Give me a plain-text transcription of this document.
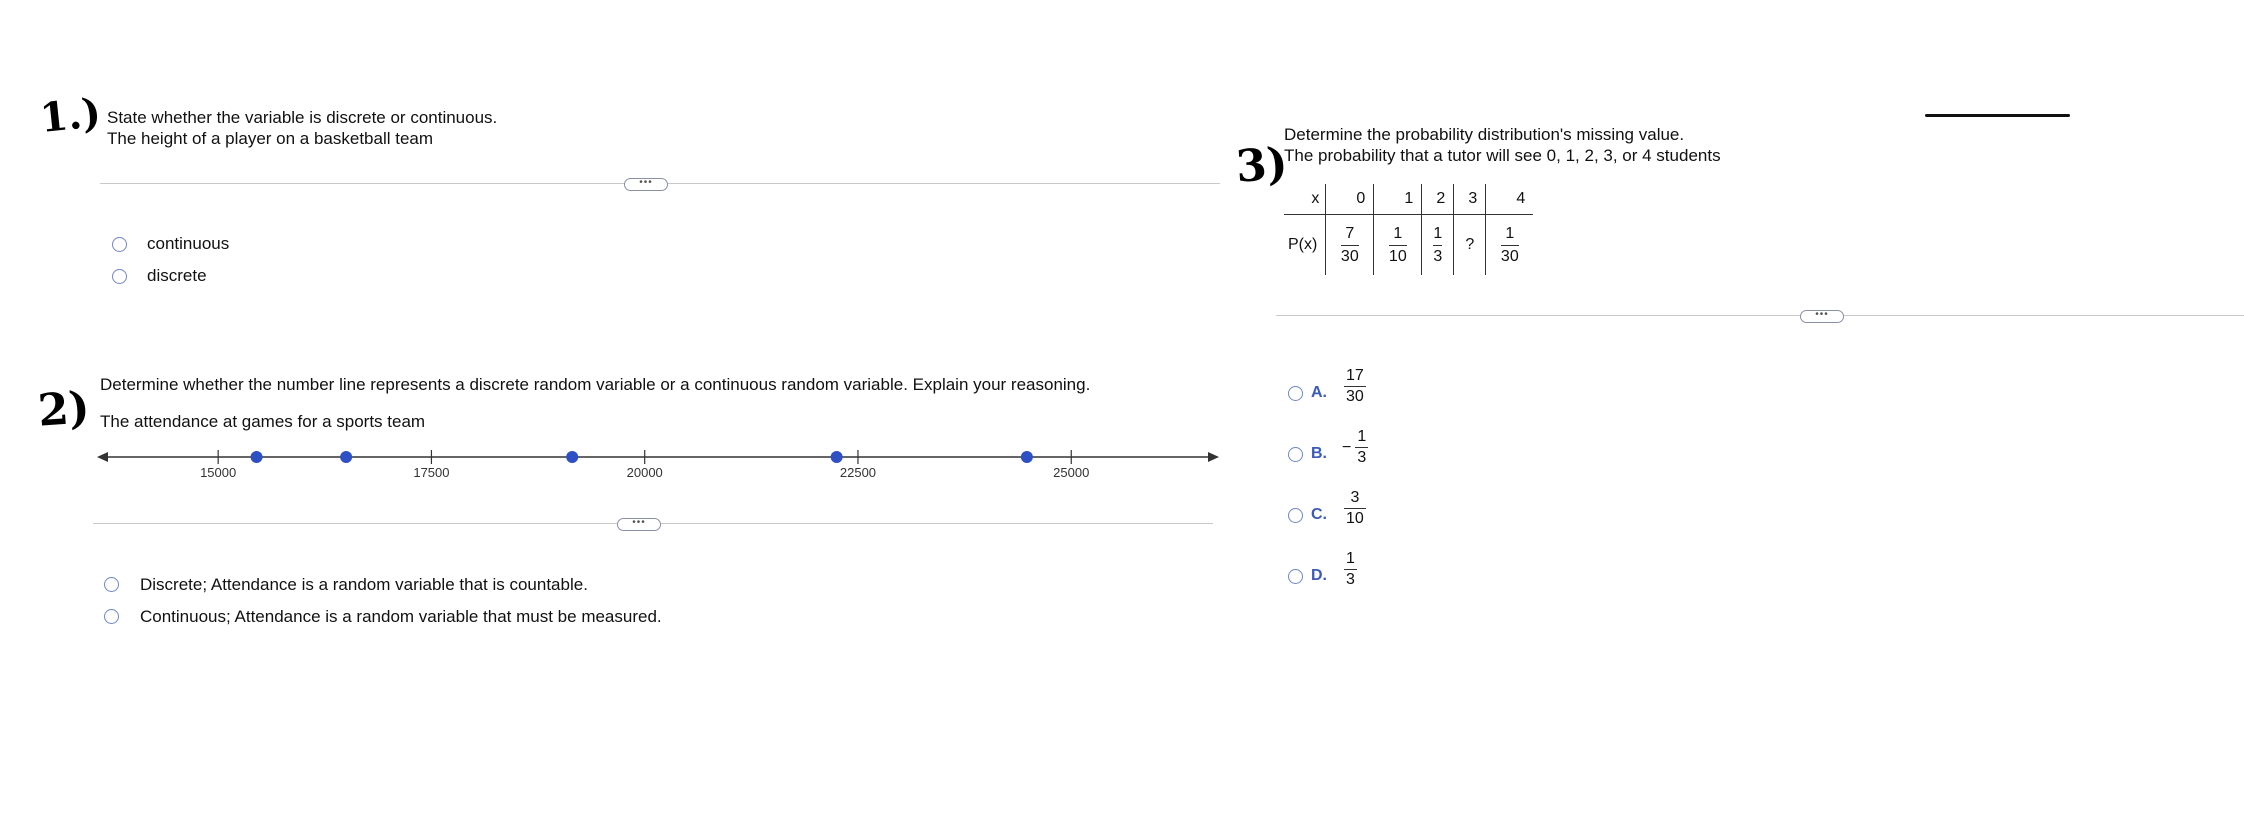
1.) State whether the variable is discrete or continuous.
The height of a player on a basketball team
•••
continuous
discrete
2) Determine whether the number line represents a discrete random variable or a continuous random variable. Explain your reasoning.
The attendance at games for a sports team
15000	17500	20000	22500	25000
•••
Discrete; Attendance is a random variable that is countable.
Continuous; Attendance is a random variable that must be measured.
3)
Determine the probability distribution's missing value.
The probability that a tutor will see 0, 1, 2, 3, or 4 students
x	0	1	2	3	4
P(x)	$\frac{7}{30}$	$\frac{1}{10}$	$\frac{1}{3}$	?	$\frac{1}{30}$
•••
A. $\frac{17}{30}$
B. − $\frac{1}{3}$
C. $\frac{3}{10}$
D. $\frac{1}{3}$
